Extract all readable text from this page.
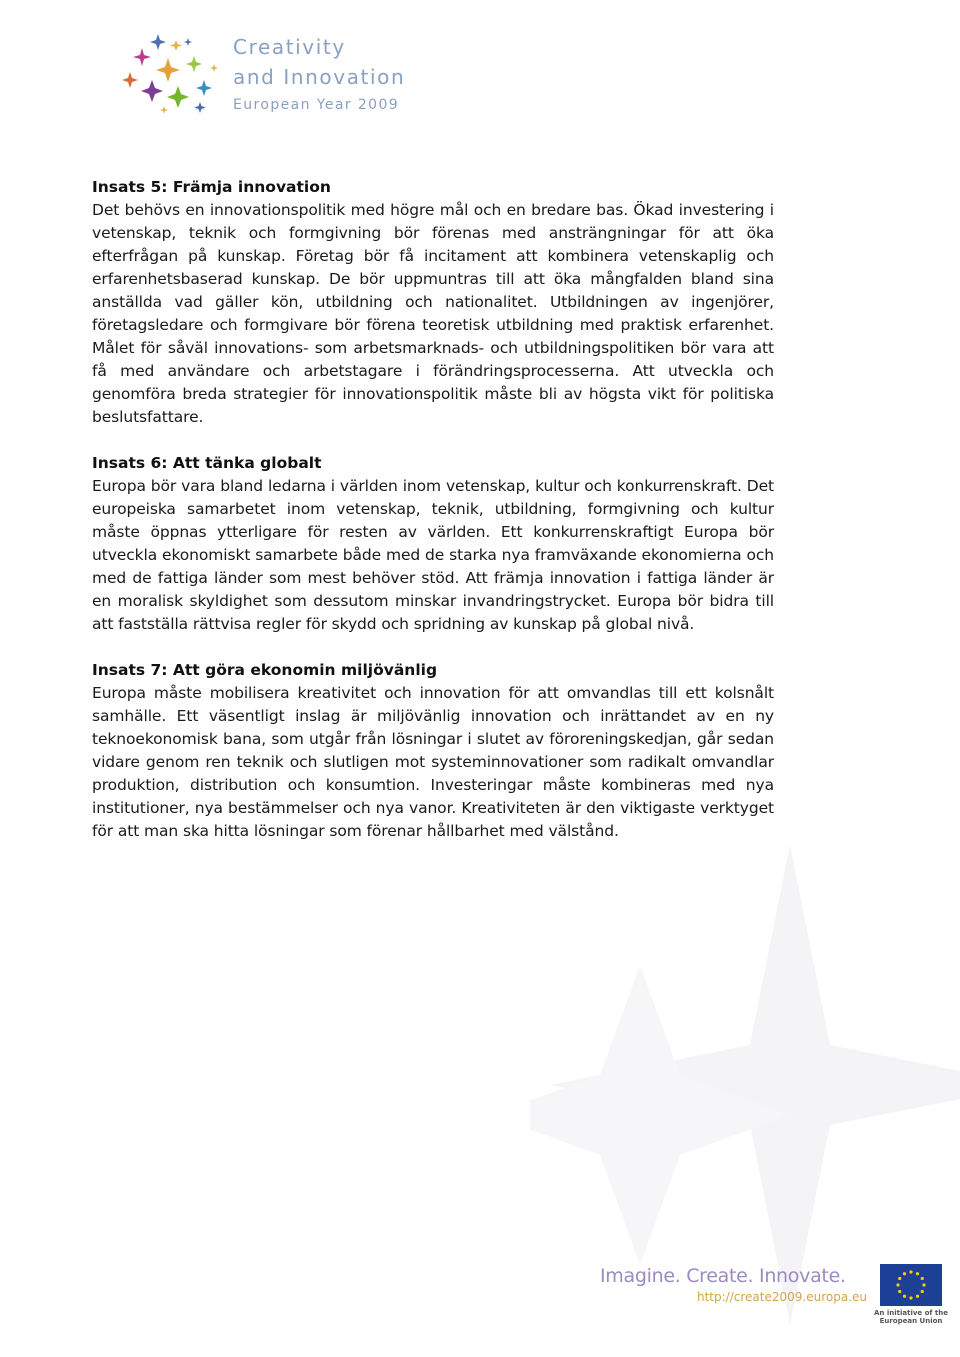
Creativity
and Innovation
European Year 2009
Insats 5: Främja innovation

Det behövs en innovationspolitik med högre mål och en bredare bas. Ökad investering i vetenskap, teknik och formgivning bör förenas med ansträngningar för att öka efterfrågan på kunskap. Företag bör få incitament att kombinera vetenskaplig och erfarenhetsbaserad kunskap. De bör uppmuntras till att öka mångfalden bland sina anställda vad gäller kön, utbildning och nationalitet. Utbildningen av ingenjörer, företagsledare och formgivare bör förena teoretisk utbildning med praktisk erfarenhet. Målet för såväl innovations- som arbetsmarknads- och utbildningspolitiken bör vara att få med användare och arbetstagare i förändringsprocesserna. Att utveckla och genomföra breda strategier för innovationspolitik måste bli av högsta vikt för politiska beslutsfattare.

Insats 6: Att tänka globalt

Europa bör vara bland ledarna i världen inom vetenskap, kultur och konkurrenskraft. Det europeiska samarbetet inom vetenskap, teknik, utbildning, formgivning och kultur måste öppnas ytterligare för resten av världen. Ett konkurrenskraftigt Europa bör utveckla ekonomiskt samarbete både med de starka nya framväxande ekonomierna och med de fattiga länder som mest behöver stöd. Att främja innovation i fattiga länder är en moralisk skyldighet som dessutom minskar invandringstrycket. Europa bör bidra till att fastställa rättvisa regler för skydd och spridning av kunskap på global nivå.

Insats 7: Att göra ekonomin miljövänlig

Europa måste mobilisera kreativitet och innovation för att omvandlas till ett kolsnålt samhälle. Ett väsentligt inslag är miljövänlig innovation och inrättandet av en ny teknoekonomisk bana, som utgår från lösningar i slutet av föroreningskedjan, går sedan vidare genom ren teknik och slutligen mot systeminnovationer som radikalt omvandlar produktion, distribution och konsumtion. Investeringar måste kombineras med nya institutioner, nya bestämmelser och nya vanor. Kreativiteten är den viktigaste verktyget för att man ska hitta lösningar som förenar hållbarhet med välstånd.

Imagine. Create. Innovate.
http://create2009.europa.eu
An initiative of the European Union
